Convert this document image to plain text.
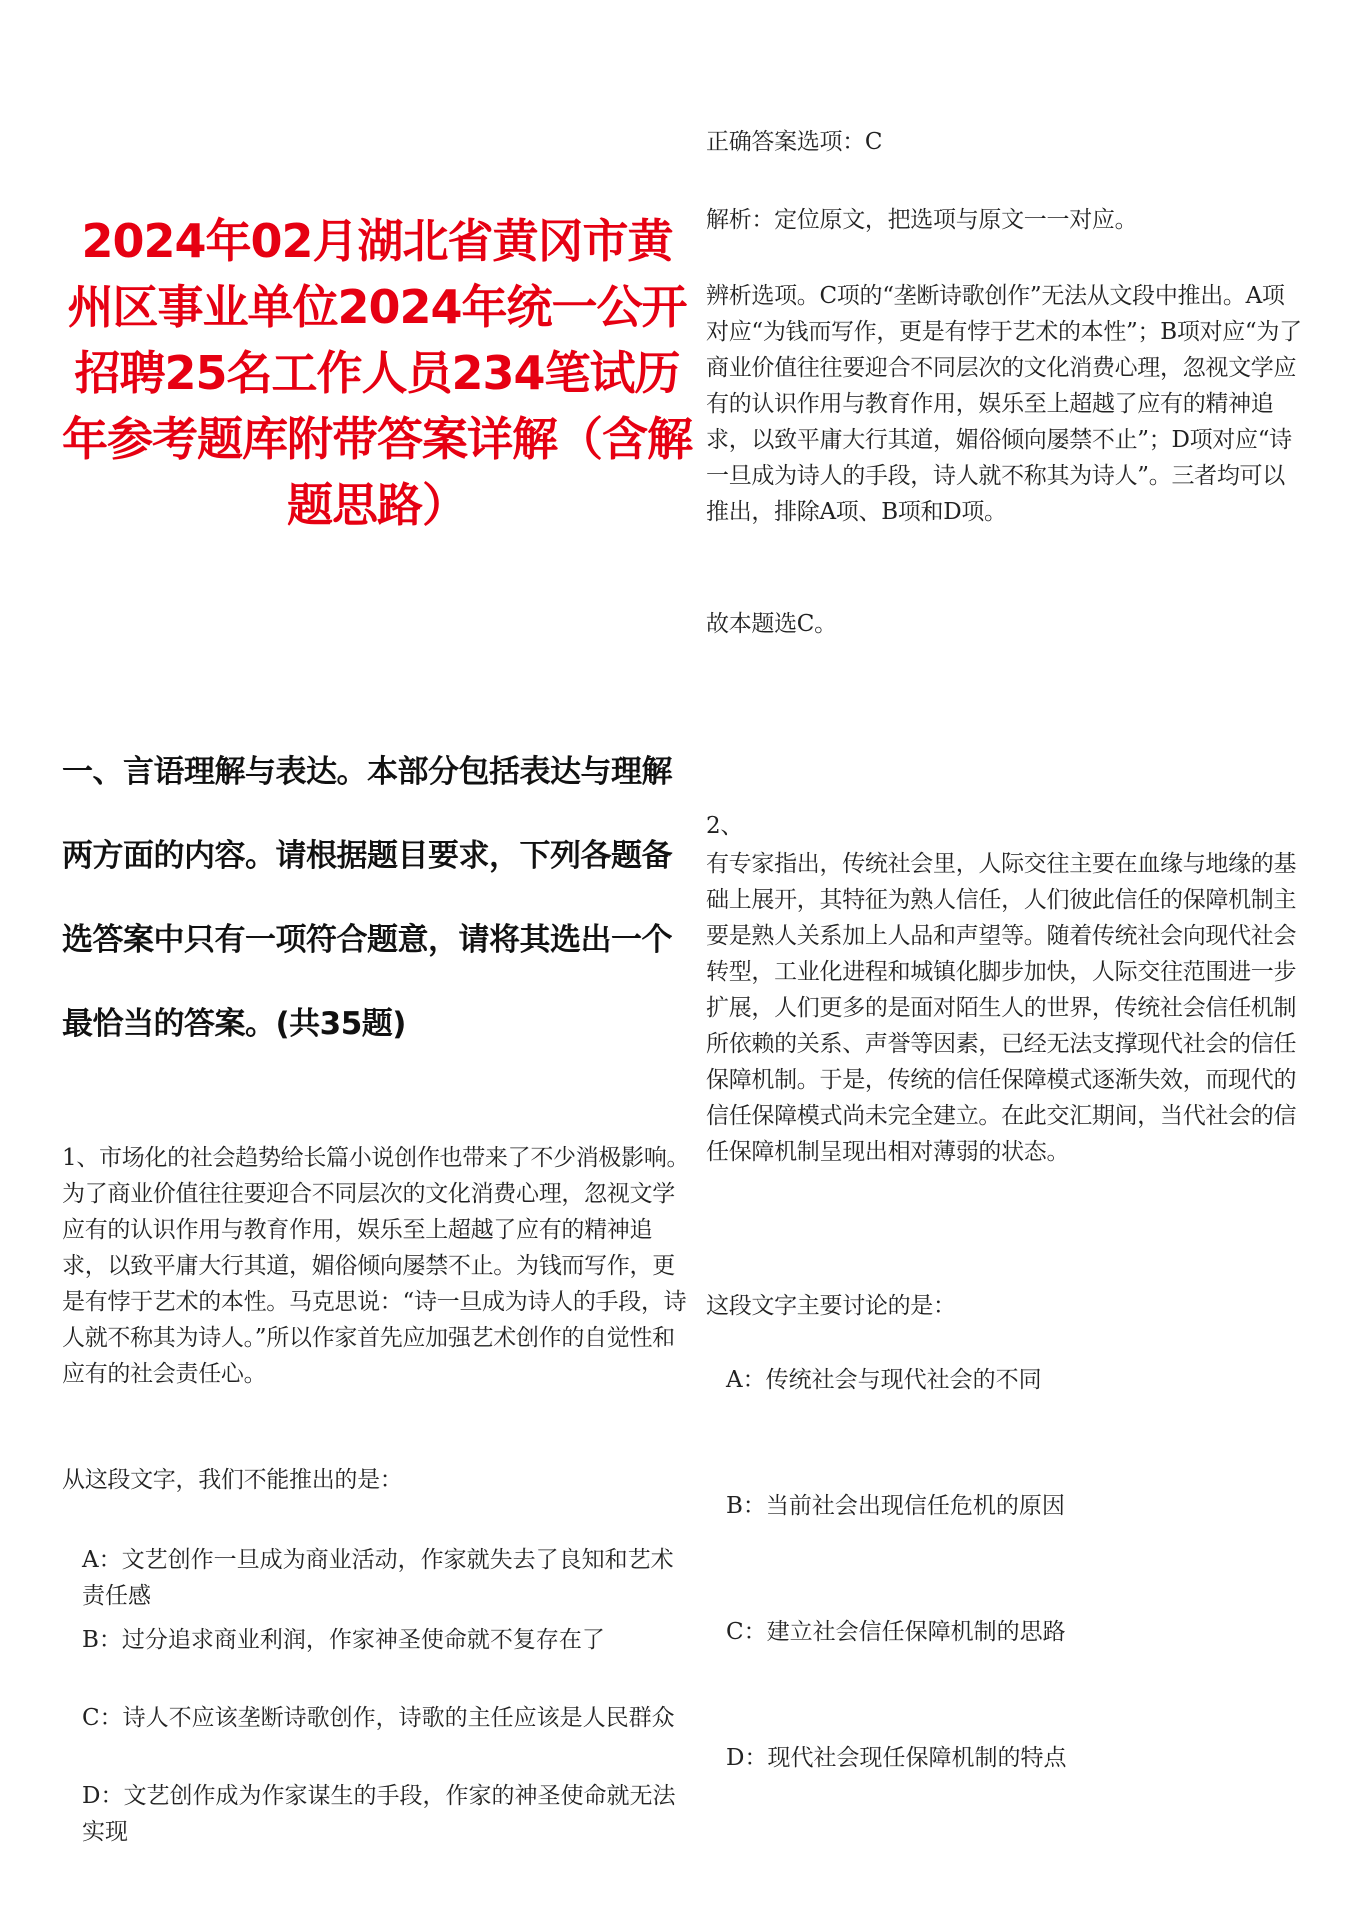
2024年02月湖北省黄冈市黄州区事业单位2024年统一公开招聘25名工作人员234笔试历年参考题库附带答案详解（含解题思路）
一、言语理解与表达。本部分包括表达与理解两方面的内容。请根据题目要求，下列各题备选答案中只有一项符合题意，请将其选出一个最恰当的答案。(共35题)

1、市场化的社会趋势给长篇小说创作也带来了不少消极影响。为了商业价值往往要迎合不同层次的文化消费心理，忽视文学应有的认识作用与教育作用，娱乐至上超越了应有的精神追求，以致平庸大行其道，媚俗倾向屡禁不止。为钱而写作，更是有悖于艺术的本性。马克思说：“诗一旦成为诗人的手段，诗人就不称其为诗人。”所以作家首先应加强艺术创作的自觉性和应有的社会责任心。

从这段文字，我们不能推出的是：

A：文艺创作一旦成为商业活动，作家就失去了良知和艺术责任感

B：过分追求商业利润，作家神圣使命就不复存在了

C：诗人不应该垄断诗歌创作，诗歌的主任应该是人民群众

D：文艺创作成为作家谋生的手段，作家的神圣使命就无法实现

正确答案选项：C

解析：定位原文，把选项与原文一一对应。

辨析选项。C项的“垄断诗歌创作”无法从文段中推出。A项对应“为钱而写作，更是有悖于艺术的本性”；B项对应“为了商业价值往往要迎合不同层次的文化消费心理，忽视文学应有的认识作用与教育作用，娱乐至上超越了应有的精神追求，以致平庸大行其道，媚俗倾向屡禁不止”；D项对应“诗一旦成为诗人的手段，诗人就不称其为诗人”。三者均可以推出，排除A项、B项和D项。

故本题选C。

2、

有专家指出，传统社会里，人际交往主要在血缘与地缘的基础上展开，其特征为熟人信任，人们彼此信任的保障机制主要是熟人关系加上人品和声望等。随着传统社会向现代社会转型，工业化进程和城镇化脚步加快，人际交往范围进一步扩展，人们更多的是面对陌生人的世界，传统社会信任机制所依赖的关系、声誉等因素，已经无法支撑现代社会的信任保障机制。于是，传统的信任保障模式逐渐失效，而现代的信任保障模式尚未完全建立。在此交汇期间，当代社会的信任保障机制呈现出相对薄弱的状态。

这段文字主要讨论的是：

A：传统社会与现代社会的不同

B：当前社会出现信任危机的原因

C：建立社会信任保障机制的思路

D：现代社会现任保障机制的特点
